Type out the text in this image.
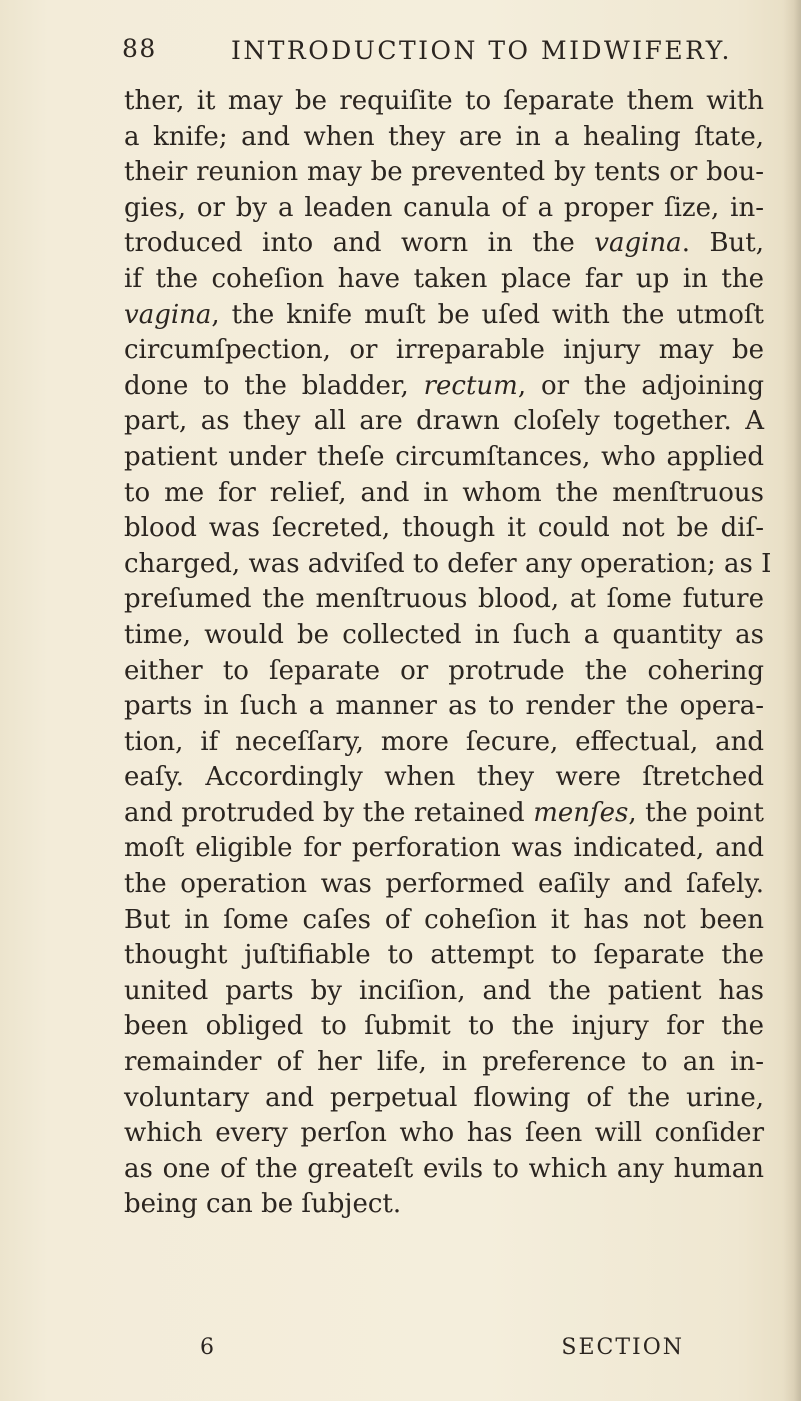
88	INTRODUCTION TO MIDWIFERY.
ther, it may be requiſite to ſeparate them with
a knife; and when they are in a healing ſtate,
their reunion may be prevented by tents or bou-
gies, or by a leaden canula of a proper ſize, in-
troduced into and worn in the vagina. But,
if the coheſion have taken place far up in the
vagina, the knife muſt be uſed with the utmoſt
circumſpection, or irreparable injury may be
done to the bladder, rectum, or the adjoining
part, as they all are drawn cloſely together. A
patient under theſe circumſtances, who applied
to me for relief, and in whom the menſtruous
blood was ſecreted, though it could not be diſ-
charged, was adviſed to defer any operation; as I
preſumed the menſtruous blood, at ſome future
time, would be collected in ſuch a quantity as
either to ſeparate or protrude the cohering
parts in ſuch a manner as to render the opera-
tion, if neceſſary, more ſecure, effectual, and
eaſy. Accordingly when they were ſtretched
and protruded by the retained menſes, the point
moſt eligible for perforation was indicated, and
the operation was performed eaſily and ſafely.
But in ſome caſes of coheſion it has not been
thought juſtifiable to attempt to ſeparate the
united parts by inciſion, and the patient has
been obliged to ſubmit to the injury for the
remainder of her life, in preference to an in-
voluntary and perpetual flowing of the urine,
which every perſon who has ſeen will conſider
as one of the greateſt evils to which any human
being can be ſubject.
6	SECTION
